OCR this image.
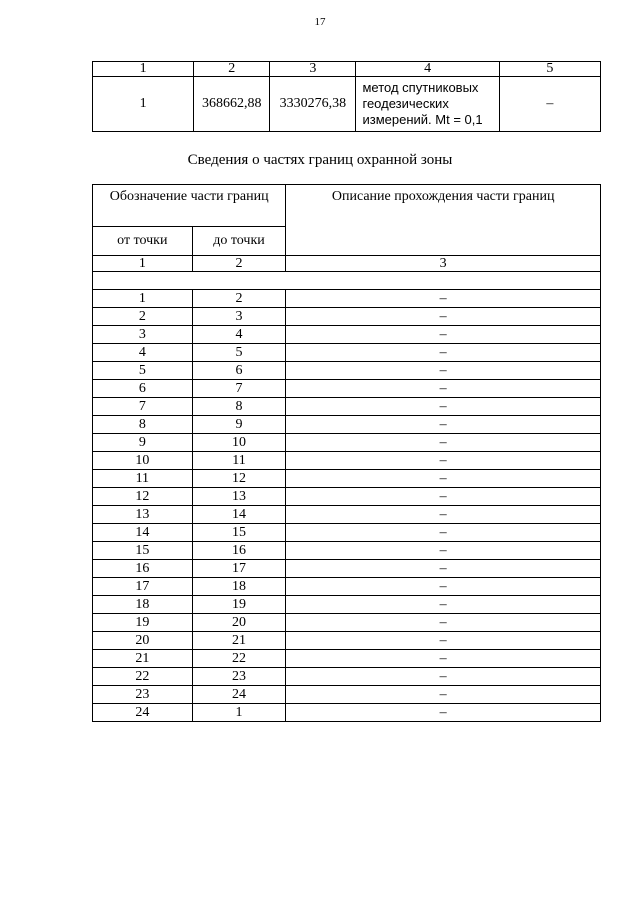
17
1	2	3	4	5
1	368662,88	3330276,38	метод спутниковых
геодезических
измерений. Mt = 0,1	–
Сведения о частях границ охранной зоны
Обозначение части границ		Описание прохождения части границ
от точки	до точки	
1	2	3

1	2	–
2	3	–
3	4	–
4	5	–
5	6	–
6	7	–
7	8	–
8	9	–
9	10	–
10	11	–
11	12	–
12	13	–
13	14	–
14	15	–
15	16	–
16	17	–
17	18	–
18	19	–
19	20	–
20	21	–
21	22	–
22	23	–
23	24	–
24	1	–
